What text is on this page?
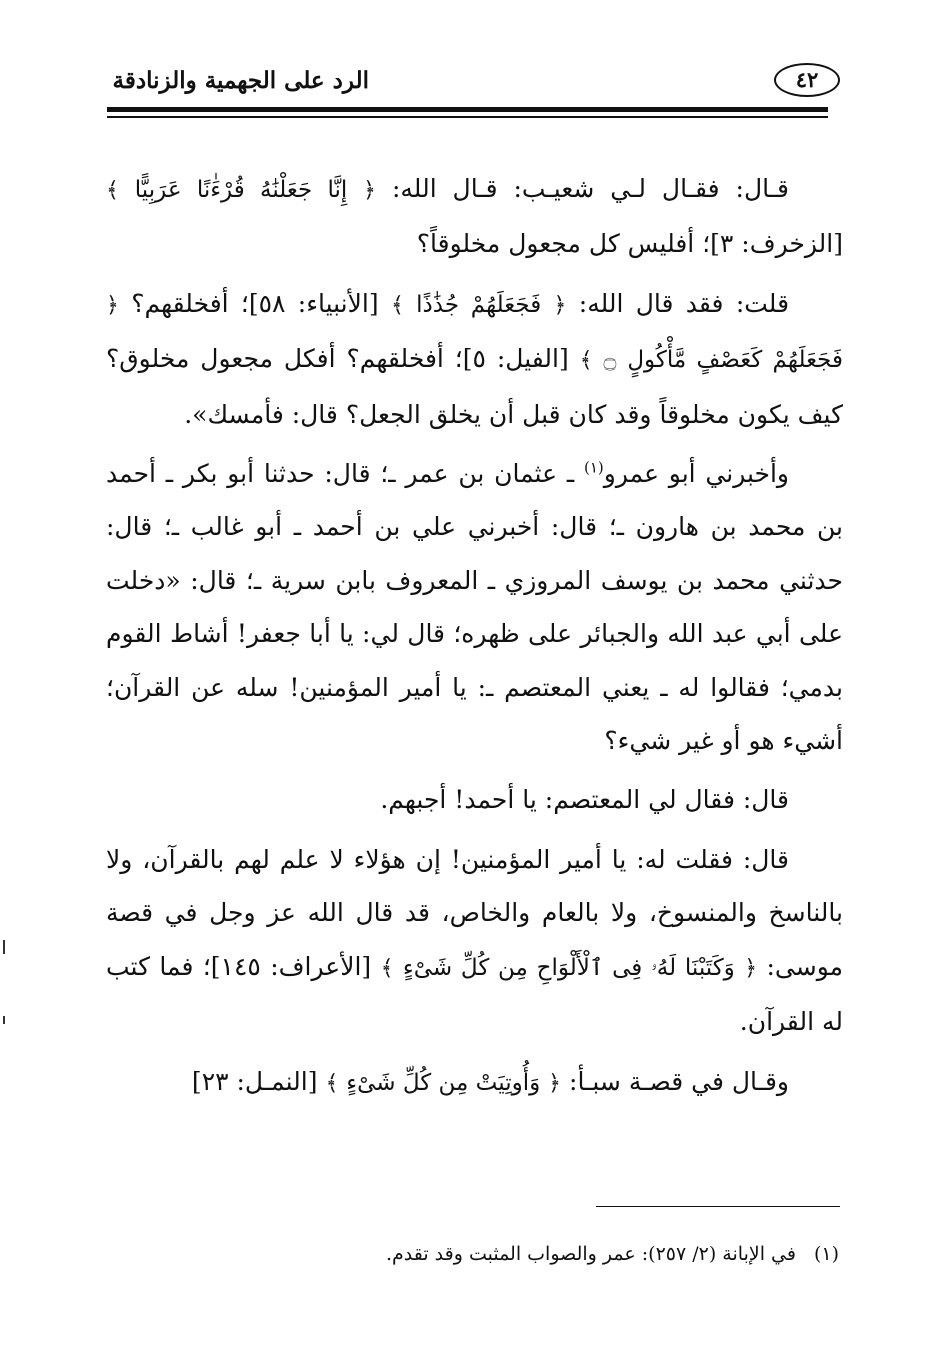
٤٢
الرد على الجهمية والزنادقة

قـال: فقـال لـي شعيـب: قـال الله: ﴿ إِنَّا جَعَلْنَٰهُ قُرْءَٰنًا عَرَبِيًّا ﴾ [الزخرف: ٣]؛ أفليس كل مجعول مخلوقاً؟

قلت: فقد قال الله: ﴿ فَجَعَلَهُمْ جُذَٰذًا ﴾ [الأنبياء: ٥٨]؛ أفخلقهم؟ ﴿ فَجَعَلَهُمْ كَعَصْفٍ مَّأْكُولٍ ۝ ﴾ [الفيل: ٥]؛ أفخلقهم؟ أفكل مجعول مخلوق؟ كيف يكون مخلوقاً وقد كان قبل أن يخلق الجعل؟ قال: فأمسك».

وأخبرني أبو عمرو$^{(١)}$ ـ عثمان بن عمر ـ؛ قال: حدثنا أبو بكر ـ أحمد بن محمد بن هارون ـ؛ قال: أخبرني علي بن أحمد ـ أبو غالب ـ؛ قال: حدثني محمد بن يوسف المروزي ـ المعروف بابن سرية ـ؛ قال: «دخلت على أبي عبد الله والجبائر على ظهره؛ قال لي: يا أبا جعفر! أشاط القوم بدمي؛ فقالوا له ـ يعني المعتصم ـ: يا أمير المؤمنين! سله عن القرآن؛ أشيء هو أو غير شيء؟

قال: فقال لي المعتصم: يا أحمد! أجبهم.

قال: فقلت له: يا أمير المؤمنين! إن هؤلاء لا علم لهم بالقرآن، ولا بالناسخ والمنسوخ، ولا بالعام والخاص، قد قال الله عز وجل في قصة موسى: ﴿ وَكَتَبْنَا لَهُۥ فِى ٱلْأَلْوَاحِ مِن كُلِّ شَىْءٍ ﴾ [الأعراف: ١٤٥]؛ فما كتب له القرآن.

وقـال في قصـة سبـأ: ﴿ وَأُوتِيَتْ مِن كُلِّ شَىْءٍ ﴾ [النمـل: ٢٣]

(١)في الإبانة (٢/ ٢٥٧): عمر والصواب المثبت وقد تقدم.
